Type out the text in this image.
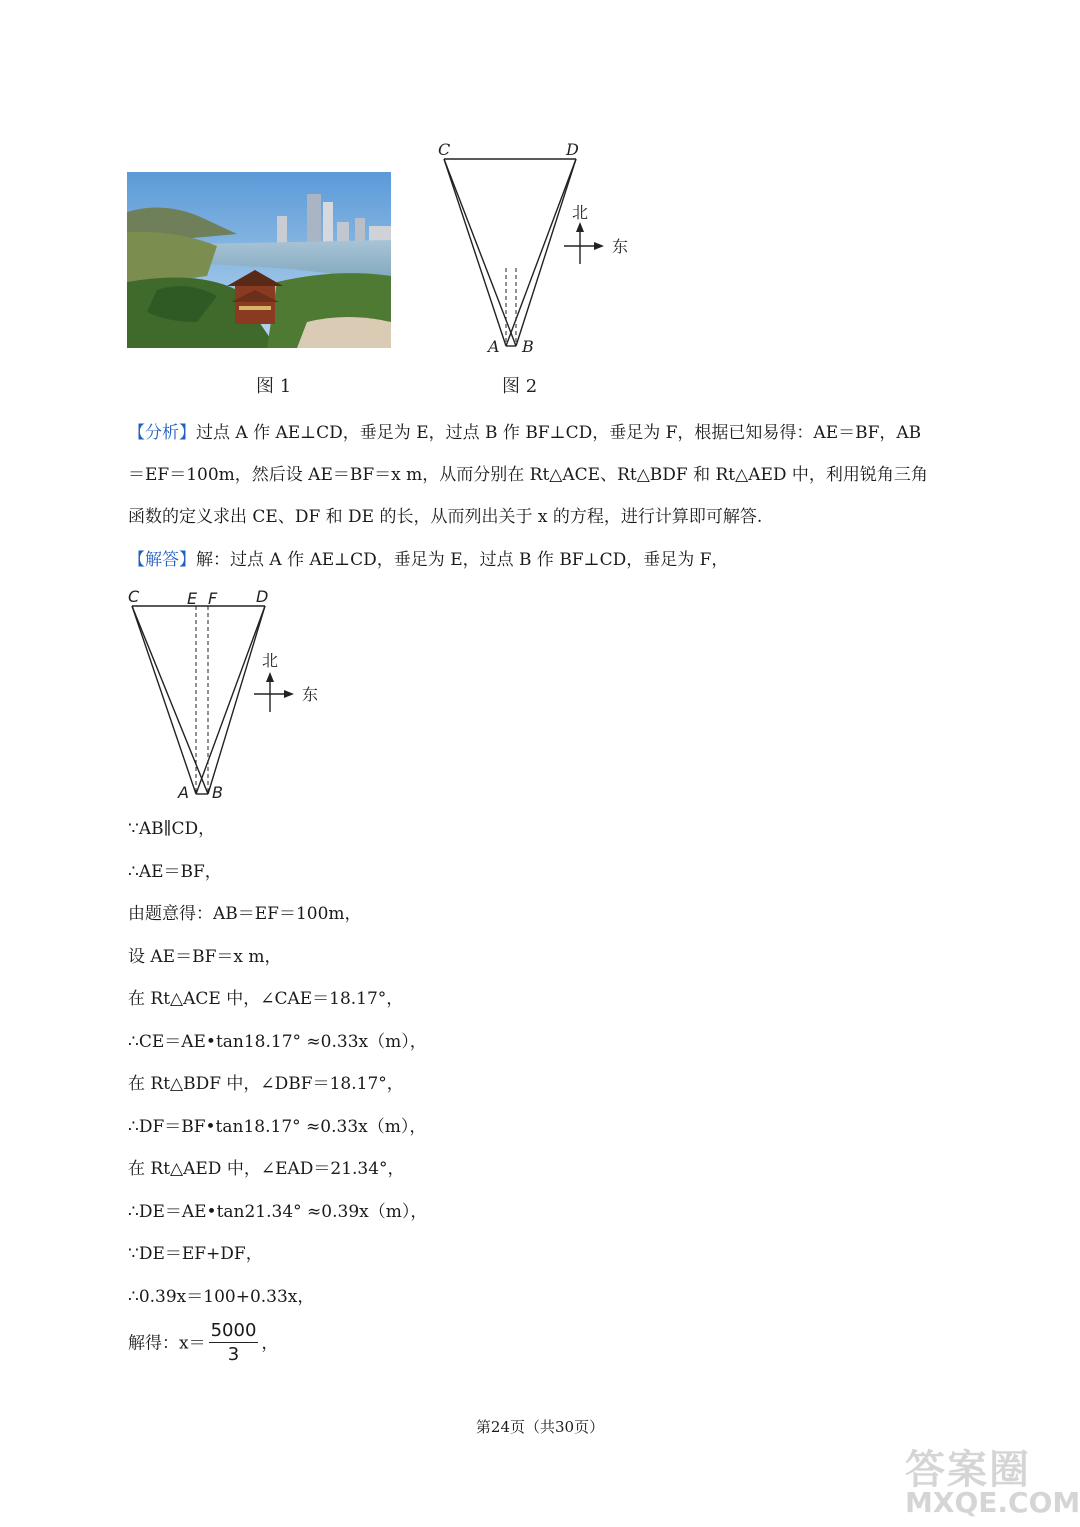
图 1
C	D
A B
北
东
图 2
【分析】过点 A 作 AE⊥CD，垂足为 E，过点 B 作 BF⊥CD，垂足为 F，根据已知易得：AE＝BF，AB
＝EF＝100m，然后设 AE＝BF＝x m，从而分别在 Rt△ACE、Rt△BDF 和 Rt△AED 中，利用锐角三角
函数的定义求出 CE、DF 和 DE 的长，从而列出关于 x 的方程，进行计算即可解答.
【解答】解：过点 A 作 AE⊥CD，垂足为 E，过点 B 作 BF⊥CD，垂足为 F，
C	E F D
A B
北
东
∵AB∥CD，
∴AE＝BF，
由题意得：AB＝EF＝100m，
设 AE＝BF＝x m，
在 Rt△ACE 中，∠CAE＝18.17°，
∴CE＝AE•tan18.17° ≈0.33x（m），
在 Rt△BDF 中，∠DBF＝18.17°，
∴DF＝BF•tan18.17° ≈0.33x（m），
在 Rt△AED 中，∠EAD＝21.34°，
∴DE＝AE•tan21.34° ≈0.39x（m），
∵DE＝EF+DF，
∴0.39x＝100+0.33x，
解得：$x= \frac{5000}{3}$ ，
第24页（共30页）
答案圈
MXQE.COM
